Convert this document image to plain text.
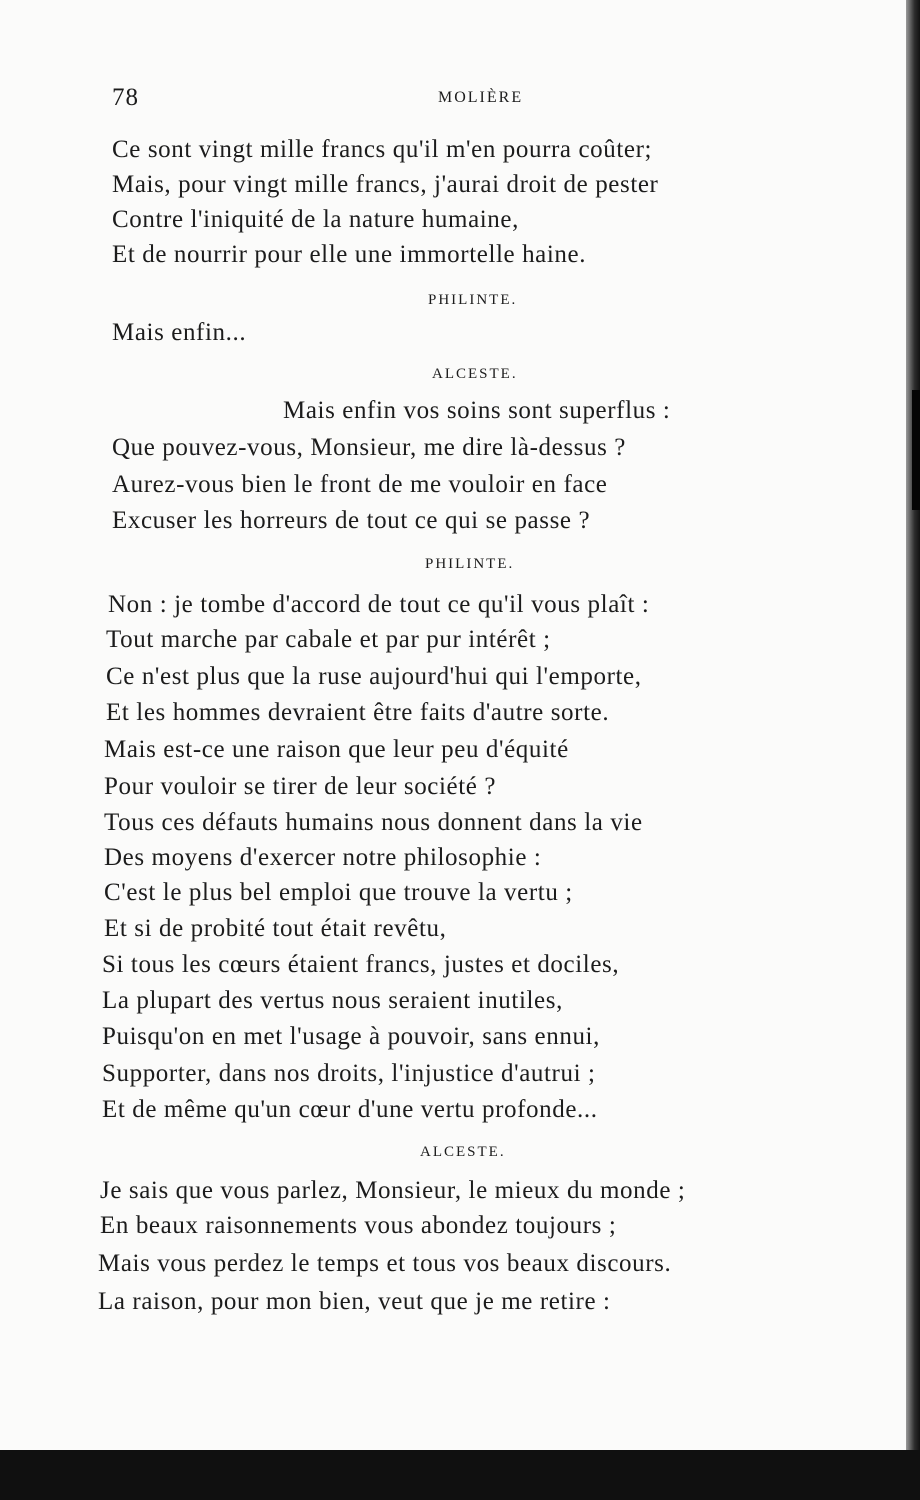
78	MOLIÈRE
Ce sont vingt mille francs qu'il m'en pourra coûter;
Mais, pour vingt mille francs, j'aurai droit de pester
Contre l'iniquité de la nature humaine,
Et de nourrir pour elle une immortelle haine.
PHILINTE.
Mais enfin...
ALCESTE.
Mais enfin vos soins sont superflus :
Que pouvez-vous, Monsieur, me dire là-dessus ?
Aurez-vous bien le front de me vouloir en face
Excuser les horreurs de tout ce qui se passe ?
PHILINTE.
Non : je tombe d'accord de tout ce qu'il vous plaît :
Tout marche par cabale et par pur intérêt ;
Ce n'est plus que la ruse aujourd'hui qui l'emporte,
Et les hommes devraient être faits d'autre sorte.
Mais est-ce une raison que leur peu d'équité
Pour vouloir se tirer de leur société ?
Tous ces défauts humains nous donnent dans la vie
Des moyens d'exercer notre philosophie :
C'est le plus bel emploi que trouve la vertu ;
Et si de probité tout était revêtu,
Si tous les cœurs étaient francs, justes et dociles,
La plupart des vertus nous seraient inutiles,
Puisqu'on en met l'usage à pouvoir, sans ennui,
Supporter, dans nos droits, l'injustice d'autrui ;
Et de même qu'un cœur d'une vertu profonde...
ALCESTE.
Je sais que vous parlez, Monsieur, le mieux du monde ;
En beaux raisonnements vous abondez toujours ;
Mais vous perdez le temps et tous vos beaux discours.
La raison, pour mon bien, veut que je me retire :
